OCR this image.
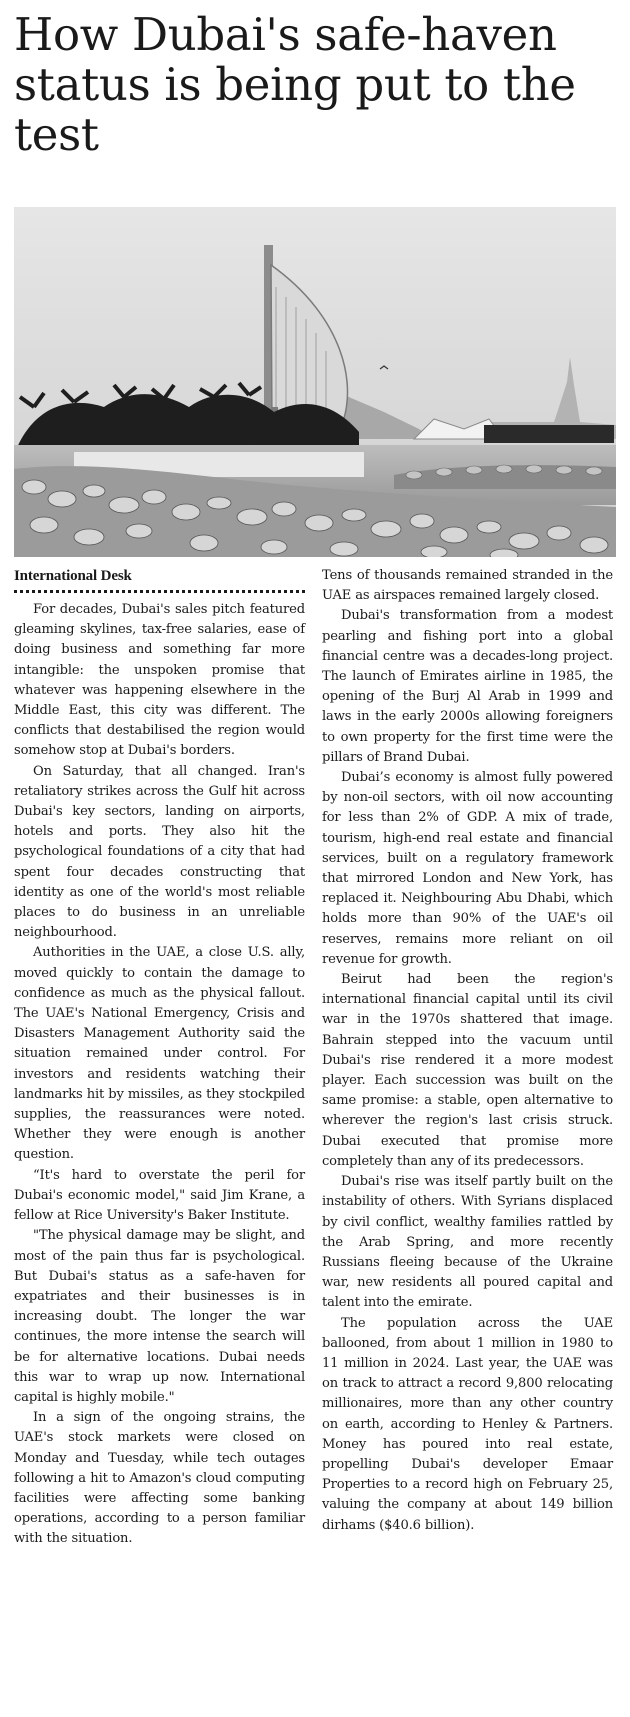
How Dubai's safe-haven status is being put to the test
International Desk

For decades, Dubai's sales pitch featured gleaming skylines, tax-free salaries, ease of doing business and something far more intangible: the unspoken promise that whatever was happening elsewhere in the Middle East, this city was different. The conflicts that destabilised the region would somehow stop at Dubai's borders.

On Saturday, that all changed. Iran's retaliatory strikes across the Gulf hit across Dubai's key sectors, landing on airports, hotels and ports. They also hit the psychological foundations of a city that had spent four decades constructing that identity as one of the world's most reliable places to do business in an unreliable neighbourhood.

Authorities in the UAE, a close U.S. ally, moved quickly to contain the damage to confidence as much as the physical fallout. The UAE's National Emergency, Crisis and Disasters Management Authority said the situation remained under control. For investors and residents watching their landmarks hit by missiles, as they stockpiled supplies, the reassurances were noted. Whether they were enough is another question.

“It's hard to overstate the peril for Dubai's economic model," said Jim Krane, a fellow at Rice University's Baker Institute.

"The physical damage may be slight, and most of the pain thus far is psychological. But Dubai's status as a safe-haven for expatriates and their businesses is in increasing doubt. The longer the war continues, the more intense the search will be for alternative locations. Dubai needs this war to wrap up now. International capital is highly mobile."

In a sign of the ongoing strains, the UAE's stock markets were closed on Monday and Tuesday, while tech outages following a hit to Amazon's cloud computing facilities were affecting some banking operations, according to a person familiar with the situation.

Tens of thousands remained stranded in the UAE as airspaces remained largely closed.

Dubai's transformation from a modest pearling and fishing port into a global financial centre was a decades-long project. The launch of Emirates airline in 1985, the opening of the Burj Al Arab in 1999 and laws in the early 2000s allowing foreigners to own property for the first time were the pillars of Brand Dubai.

Dubai’s economy is almost fully powered by non-oil sectors, with oil now accounting for less than 2% of GDP. A mix of trade, tourism, high-end real estate and financial services, built on a regulatory framework that mirrored London and New York, has replaced it. Neighbouring Abu Dhabi, which holds more than 90% of the UAE's oil reserves, remains more reliant on oil revenue for growth.

Beirut had been the region's international financial capital until its civil war in the 1970s shattered that image. Bahrain stepped into the vacuum until Dubai's rise rendered it a more modest player. Each succession was built on the same promise: a stable, open alternative to wherever the region's last crisis struck. Dubai executed that promise more completely than any of its predecessors.

Dubai's rise was itself partly built on the instability of others. With Syrians displaced by civil conflict, wealthy families rattled by the Arab Spring, and more recently Russians fleeing because of the Ukraine war, new residents all poured capital and talent into the emirate.

The population across the UAE ballooned, from about 1 million in 1980 to 11 million in 2024. Last year, the UAE was on track to attract a record 9,800 relocating millionaires, more than any other country on earth, according to Henley & Partners. Money has poured into real estate, propelling Dubai's developer Emaar Properties to a record high on February 25, valuing the company at about 149 billion dirhams ($40.6 billion).
